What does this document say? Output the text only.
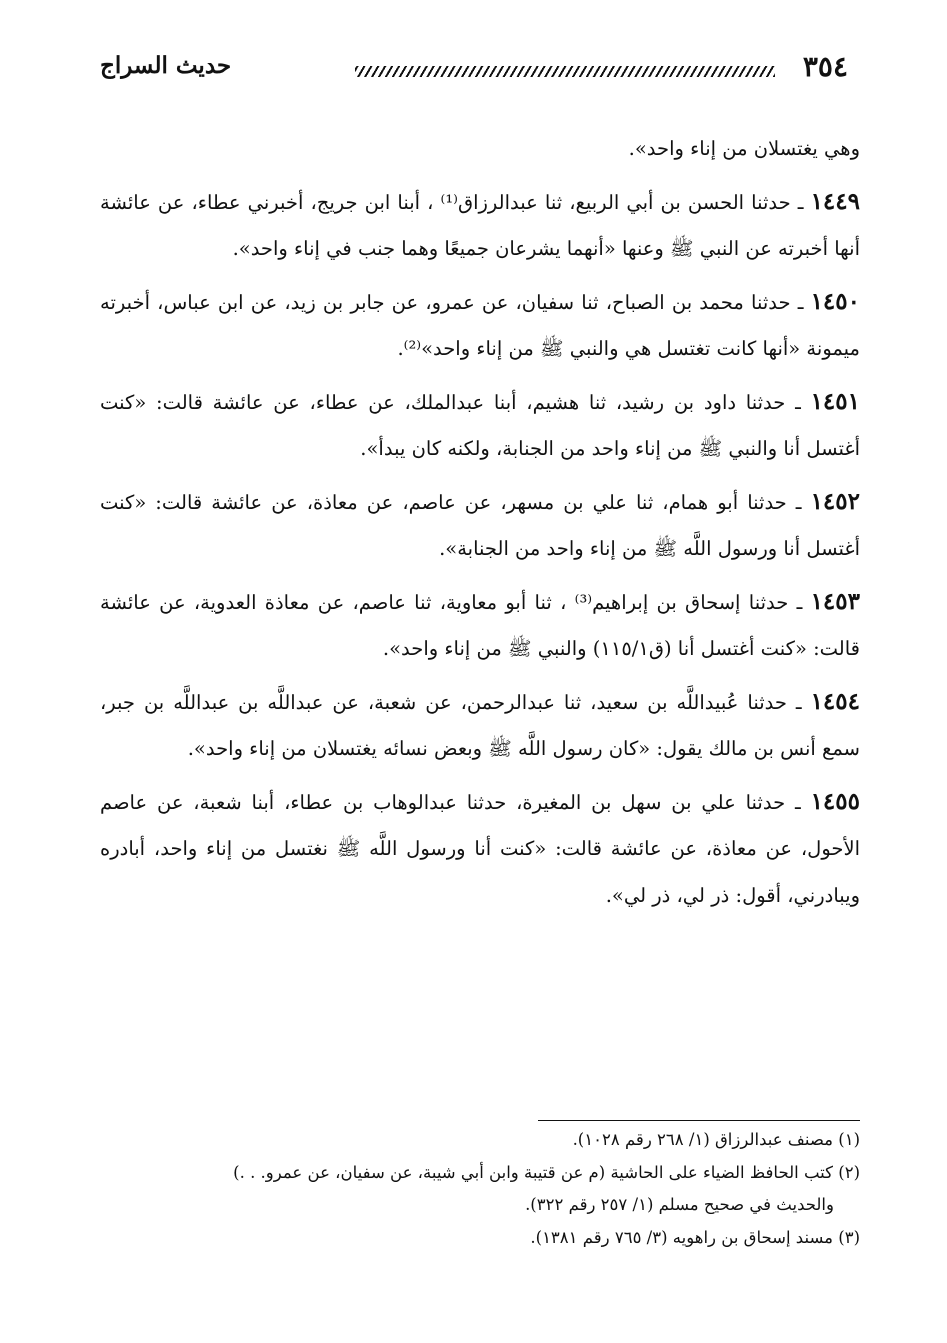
حديث السراج	٣٥٤

وهي يغتسلان من إناء واحد».

١٤٤٩ ـ حدثنا الحسن بن أبي الربيع، ثنا عبدالرزاق⁽¹⁾ ، أبنا ابن جريج، أخبرني عطاء، عن عائشة أنها أخبرته عن النبي ﷺ وعنها «أنهما يشرعان جميعًا وهما جنب في إناء واحد».

١٤٥٠ ـ حدثنا محمد بن الصباح، ثنا سفيان، عن عمرو، عن جابر بن زيد، عن ابن عباس، أخبرته ميمونة «أنها كانت تغتسل هي والنبي ﷺ من إناء واحد»⁽²⁾.

١٤٥١ ـ حدثنا داود بن رشيد، ثنا هشيم، أبنا عبدالملك، عن عطاء، عن عائشة قالت: «كنت أغتسل أنا والنبي ﷺ من إناء واحد من الجنابة، ولكنه كان يبدأ».

١٤٥٢ ـ حدثنا أبو همام، ثنا علي بن مسهر، عن عاصم، عن معاذة، عن عائشة قالت: «كنت أغتسل أنا ورسول اللَّه ﷺ من إناء واحد من الجنابة».

١٤٥٣ ـ حدثنا إسحاق بن إبراهيم⁽³⁾ ، ثنا أبو معاوية، ثنا عاصم، عن معاذة العدوية، عن عائشة قالت: «كنت أغتسل أنا (ق١١٥/١) والنبي ﷺ من إناء واحد».

١٤٥٤ ـ حدثنا عُبيداللَّه بن سعيد، ثنا عبدالرحمن، عن شعبة، عن عبداللَّه بن عبداللَّه بن جبر، سمع أنس بن مالك يقول: «كان رسول اللَّه ﷺ وبعض نسائه يغتسلان من إناء واحد».

١٤٥٥ ـ حدثنا علي بن سهل بن المغيرة، حدثنا عبدالوهاب بن عطاء، أبنا شعبة، عن عاصم الأحول، عن معاذة، عن عائشة قالت: «كنت أنا ورسول اللَّه ﷺ نغتسل من إناء واحد، أبادره ويبادرني، أقول: ذر لي، ذر لي».

(١) مصنف عبدالرزاق (١/ ٢٦٨ رقم ١٠٢٨).

(٢) كتب الحافظ الضياء على الحاشية (م عن قتيبة وابن أبي شيبة، عن سفيان، عن عمرو. . .)

والحديث في صحيح مسلم (١/ ٢٥٧ رقم ٣٢٢).

(٣) مسند إسحاق بن راهويه (٣/ ٧٦٥ رقم ١٣٨١).
